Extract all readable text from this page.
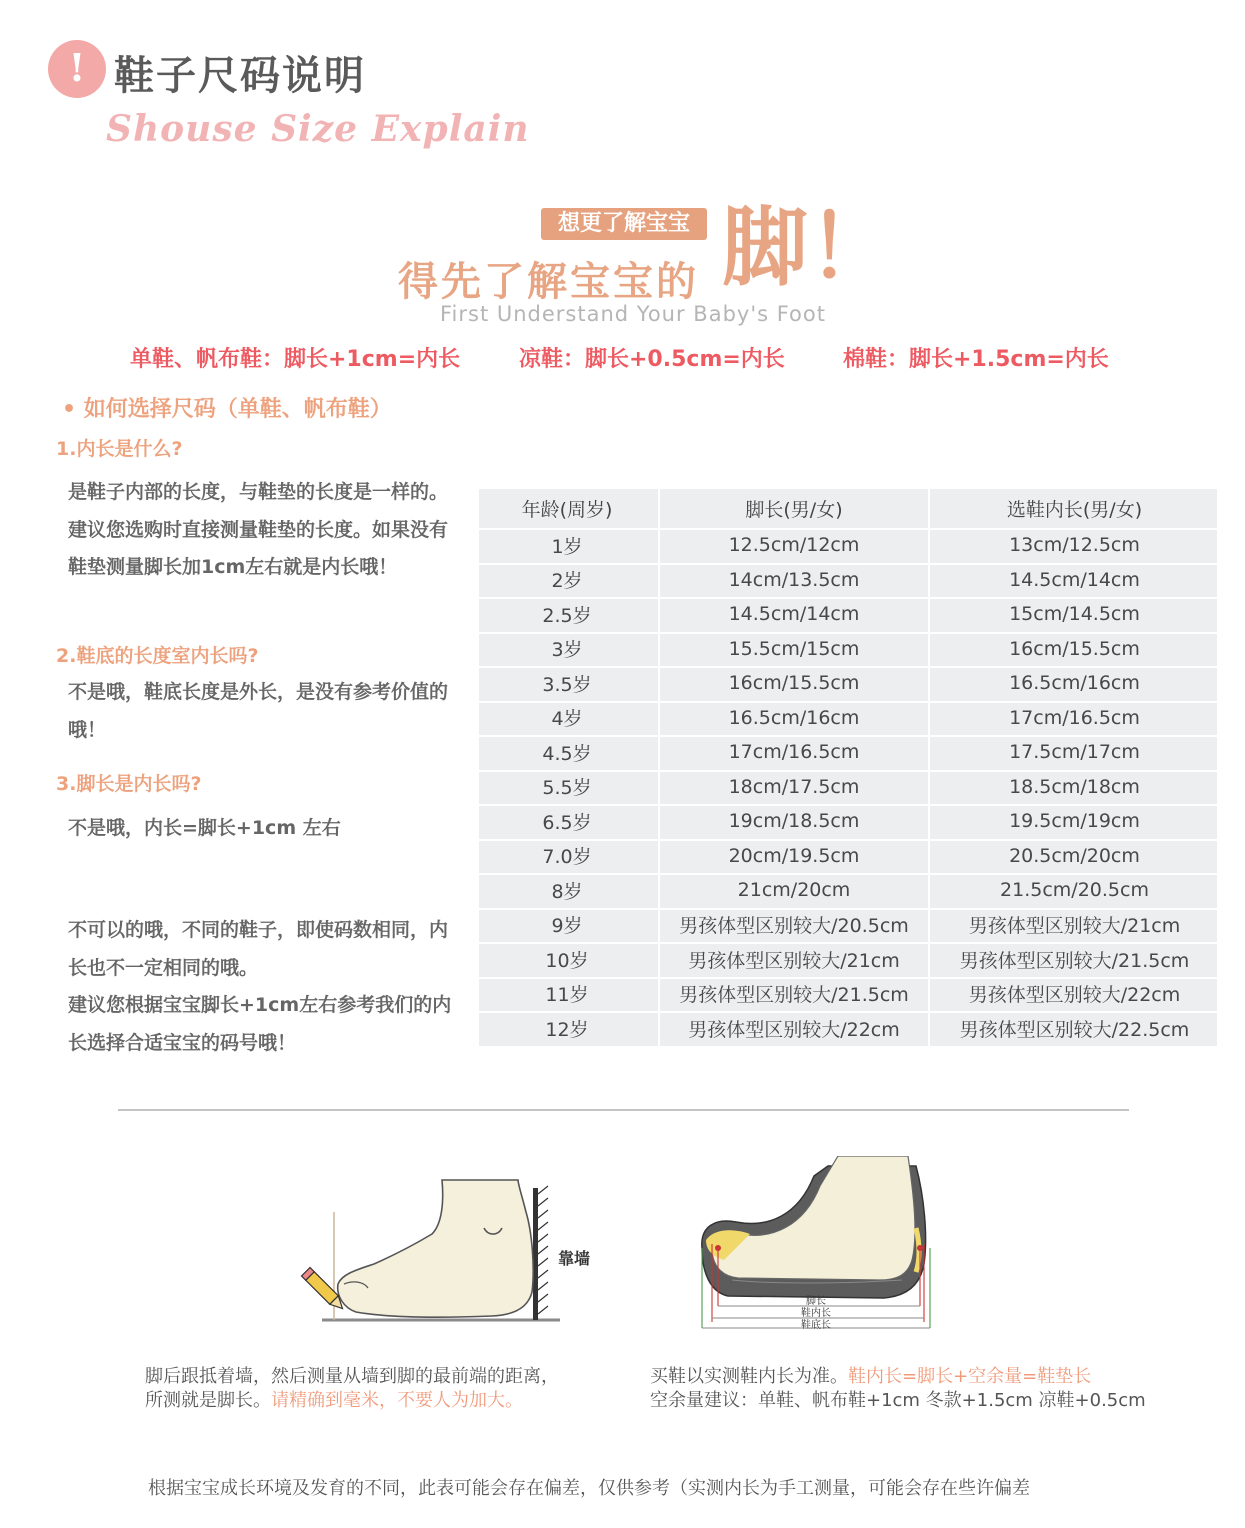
! 鞋子尺码说明
Shouse Size Explain
想更了解宝宝
得先了解宝宝的 脚！
First Understand Your Baby's Foot
单鞋、帆布鞋：脚长+1cm=内长	凉鞋：脚长+0.5cm=内长	棉鞋：脚长+1.5cm=内长
• 如何选择尺码（单鞋、帆布鞋）
1.内长是什么?
是鞋子内部的长度，与鞋垫的长度是一样的。建议您选购时直接测量鞋垫的长度。如果没有鞋垫测量脚长加1cm左右就是内长哦！
2.鞋底的长度室内长吗?
不是哦，鞋底长度是外长，是没有参考价值的哦！
3.脚长是内长吗?
不是哦，内长=脚长+1cm 左右
不可以的哦，不同的鞋子，即使码数相同，内长也不一定相同的哦。
建议您根据宝宝脚长+1cm左右参考我们的内长选择合适宝宝的码号哦！
年龄(周岁)	脚长(男/女)	选鞋内长(男/女)
1岁	12.5cm/12cm	13cm/12.5cm
2岁	14cm/13.5cm	14.5cm/14cm
2.5岁	14.5cm/14cm	15cm/14.5cm
3岁	15.5cm/15cm	16cm/15.5cm
3.5岁	16cm/15.5cm	16.5cm/16cm
4岁	16.5cm/16cm	17cm/16.5cm
4.5岁	17cm/16.5cm	17.5cm/17cm
5.5岁	18cm/17.5cm	18.5cm/18cm
6.5岁	19cm/18.5cm	19.5cm/19cm
7.0岁	20cm/19.5cm	20.5cm/20cm
8岁	21cm/20cm	21.5cm/20.5cm
9岁	男孩体型区别较大/20.5cm	男孩体型区别较大/21cm
10岁	男孩体型区别较大/21cm	男孩体型区别较大/21.5cm
11岁	男孩体型区别较大/21.5cm	男孩体型区别较大/22cm
12岁	男孩体型区别较大/22cm	男孩体型区别较大/22.5cm
靠墙
脚长
鞋内长
鞋底长
脚后跟抵着墙，然后测量从墙到脚的最前端的距离，
所测就是脚长。请精确到毫米，不要人为加大。
买鞋以实测鞋内长为准。鞋内长=脚长+空余量=鞋垫长
空余量建议：单鞋、帆布鞋+1cm 冬款+1.5cm 凉鞋+0.5cm
根据宝宝成长环境及发育的不同，此表可能会存在偏差，仅供参考（实测内长为手工测量，可能会存在些许偏差
